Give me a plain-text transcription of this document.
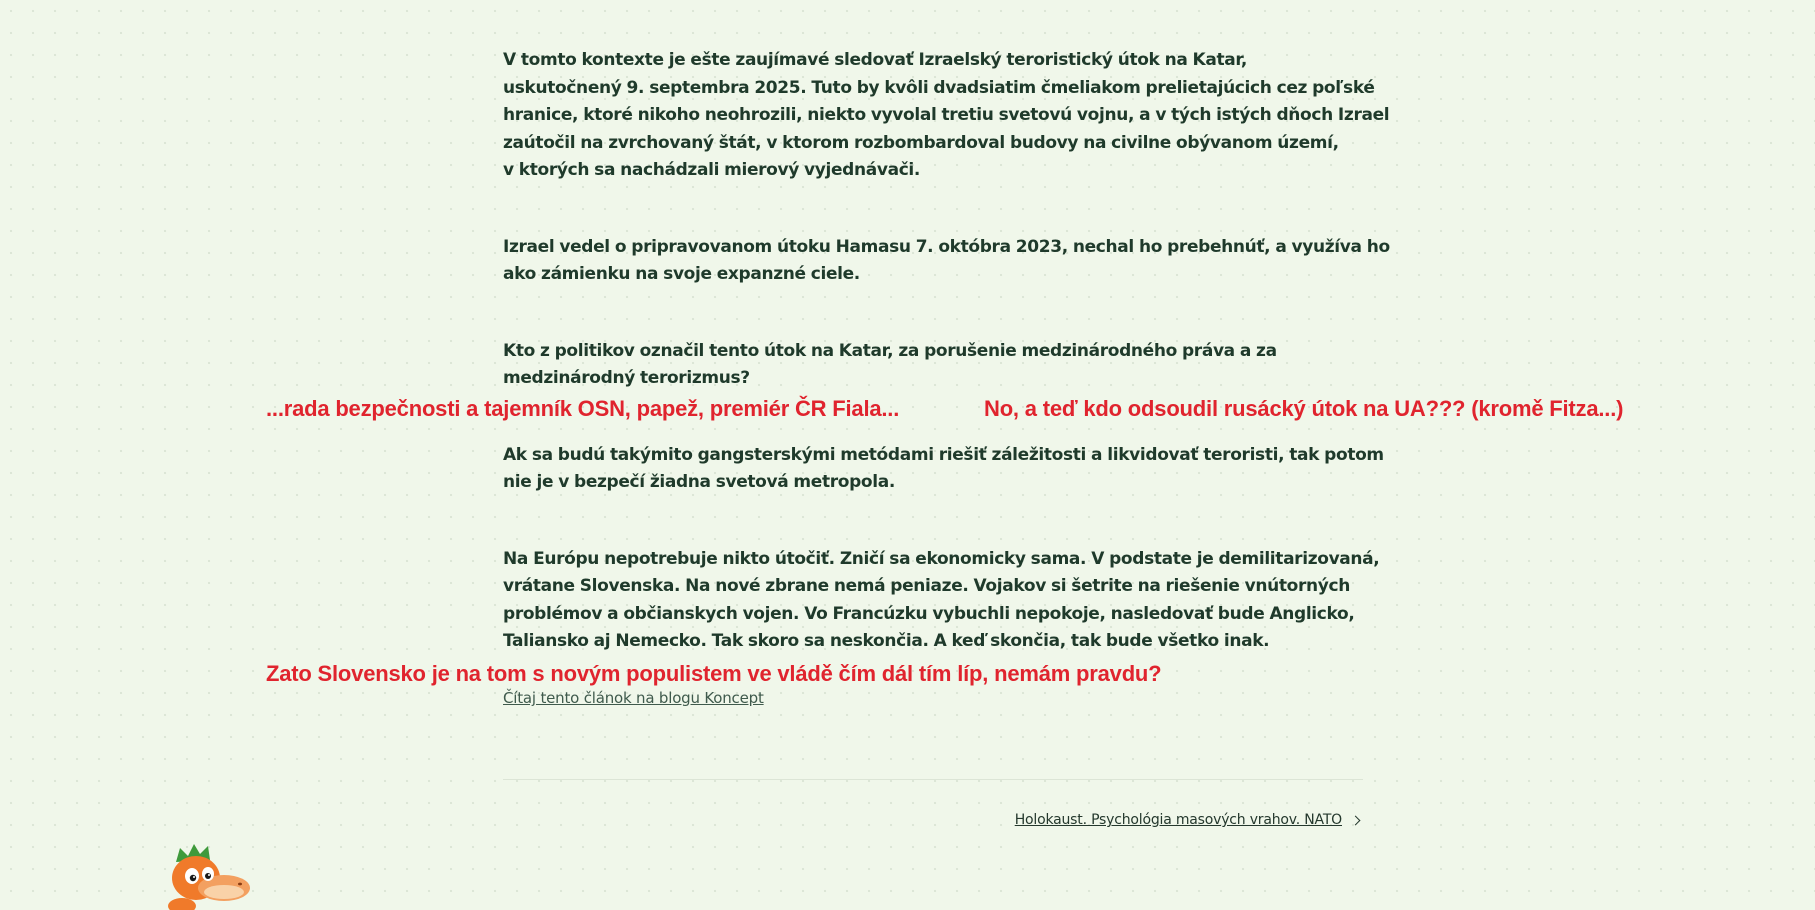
V tomto kontexte je ešte zaujímavé sledovať Izraelský teroristický útok na Katar,
uskutočnený 9. septembra 2025. Tuto by kvôli dvadsiatim čmeliakom prelietajúcich cez poľské
hranice, ktoré nikoho neohrozili, niekto vyvolal tretiu svetovú vojnu, a v tých istých dňoch Izrael
zaútočil na zvrchovaný štát, v ktorom rozbombardoval budovy na civilne obývanom území,
v ktorých sa nachádzali mierový vyjednávači.

Izrael vedel o pripravovanom útoku Hamasu 7. októbra 2023, nechal ho prebehnúť, a využíva ho
ako zámienku na svoje expanzné ciele.

Kto z politikov označil tento útok na Katar, za porušenie medzinárodného práva a za
medzinárodný terorizmus?

Ak sa budú takýmito gangsterskými metódami riešiť záležitosti a likvidovať teroristi, tak potom
nie je v bezpečí žiadna svetová metropola.

Na Európu nepotrebuje nikto útočiť. Zničí sa ekonomicky sama. V podstate je demilitarizovaná,
vrátane Slovenska. Na nové zbrane nemá peniaze. Vojakov si šetrite na riešenie vnútorných
problémov a občianskych vojen. Vo Francúzku vybuchli nepokoje, nasledovať bude Anglicko,
Taliansko aj Nemecko. Tak skoro sa neskončia. A keď skončia, tak bude všetko inak.

...rada bezpečnosti a tajemník OSN, papež, premiér ČR Fiala...	No, a teď kdo odsoudil rusácký útok na UA??? (kromě Fitza...)
Zato Slovensko je na tom s novým populistem ve vládě čím dál tím líp, nemám pravdu?
Čítaj tento článok na blogu Koncept
Holokaust. Psychológia masových vrahov. NATO
